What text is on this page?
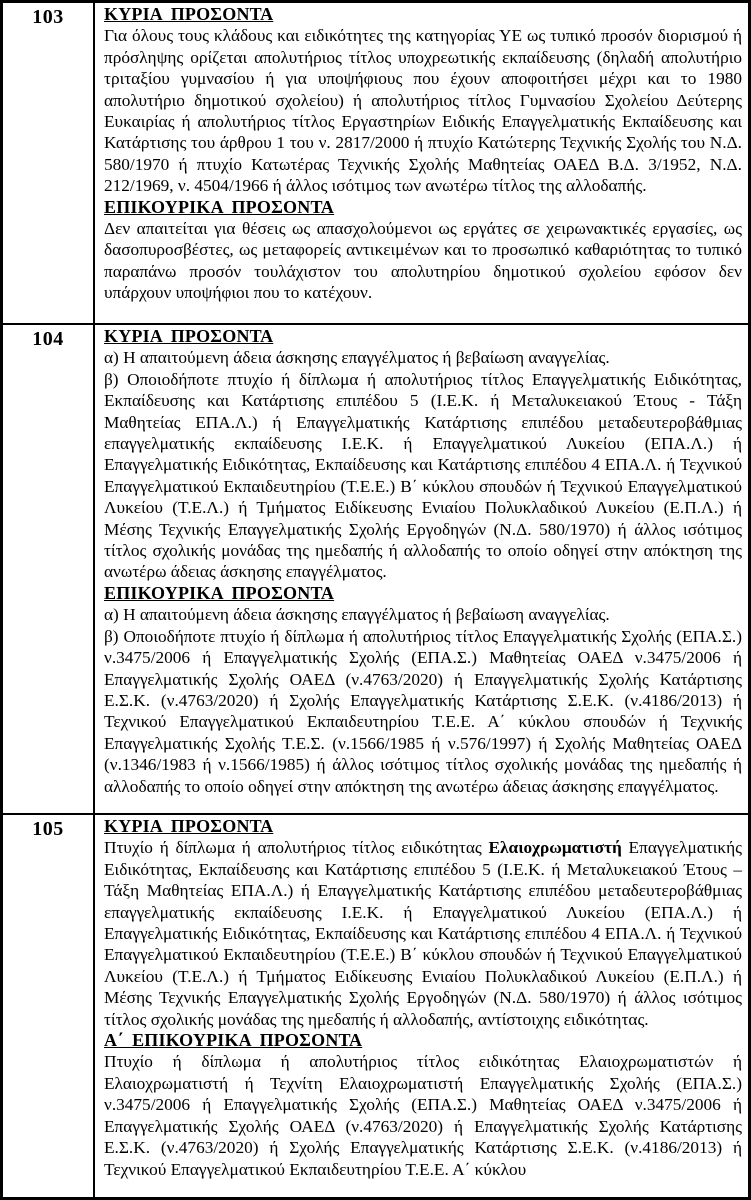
103	ΚΥΡΙΑ ΠΡΟΣΟΝΤΑ

Για όλους τους κλάδους και ειδικότητες της κατηγορίας ΥΕ ως τυπικό προσόν διορισμού ή πρόσληψης ορίζεται απολυτήριος τίτλος υποχρεωτικής εκπαίδευσης (δηλαδή απολυτήριο τριταξίου γυμνασίου ή για υποψήφιους που έχουν αποφοιτήσει μέχρι και το 1980 απολυτήριο δημοτικού σχολείου) ή απολυτήριος τίτλος Γυμνασίου Σχολείου Δεύτερης Ευκαιρίας ή απολυτήριος τίτλος Εργαστηρίων Ειδικής Επαγγελματικής Εκπαίδευσης και Κατάρτισης του άρθρου 1 του ν. 2817/2000 ή πτυχίο Κατώτερης Τεχνικής Σχολής του Ν.Δ. 580/1970 ή πτυχίο Κατωτέρας Τεχνικής Σχολής Μαθητείας ΟΑΕΔ Β.Δ. 3/1952, Ν.Δ. 212/1969, ν. 4504/1966 ή άλλος ισότιμος των ανωτέρω τίτλος της αλλοδαπής.

ΕΠΙΚΟΥΡΙΚΑ ΠΡΟΣΟΝΤΑ

Δεν απαιτείται για θέσεις ως απασχολούμενοι ως εργάτες σε χειρωνακτικές εργασίες, ως δασοπυροσβέστες, ως μεταφορείς αντικειμένων και το προσωπικό καθαριότητας το τυπικό παραπάνω προσόν τουλάχιστον του απολυτηρίου δημοτικού σχολείου εφόσον δεν υπάρχουν υποψήφιοι που το κατέχουν.

104	ΚΥΡΙΑ ΠΡΟΣΟΝΤΑ

α) Η απαιτούμενη άδεια άσκησης επαγγέλματος ή βεβαίωση αναγγελίας.

β) Οποιοδήποτε πτυχίο ή δίπλωμα ή απολυτήριος τίτλος Επαγγελματικής Ειδικότητας, Εκπαίδευσης και Κατάρτισης επιπέδου 5 (Ι.Ε.Κ. ή Μεταλυκειακού Έτους - Τάξη Μαθητείας ΕΠΑ.Λ.) ή Επαγγελματικής Κατάρτισης επιπέδου μεταδευτεροβάθμιας επαγγελματικής εκπαίδευσης Ι.Ε.Κ. ή Επαγγελματικού Λυκείου (ΕΠΑ.Λ.) ή Επαγγελματικής Ειδικότητας, Εκπαίδευσης και Κατάρτισης επιπέδου 4 ΕΠΑ.Λ. ή Τεχνικού Επαγγελματικού Εκπαιδευτηρίου (Τ.Ε.Ε.) Β΄ κύκλου σπουδών ή Τεχνικού Επαγγελματικού Λυκείου (Τ.Ε.Λ.) ή Τμήματος Ειδίκευσης Ενιαίου Πολυκλαδικού Λυκείου (Ε.Π.Λ.) ή Μέσης Τεχνικής Επαγγελματικής Σχολής Εργοδηγών (Ν.Δ. 580/1970) ή άλλος ισότιμος τίτλος σχολικής μονάδας της ημεδαπής ή αλλοδαπής το οποίο οδηγεί στην απόκτηση της ανωτέρω άδειας άσκησης επαγγέλματος.

ΕΠΙΚΟΥΡΙΚΑ ΠΡΟΣΟΝΤΑ

α) Η απαιτούμενη άδεια άσκησης επαγγέλματος ή βεβαίωση αναγγελίας.

β) Οποιοδήποτε πτυχίο ή δίπλωμα ή απολυτήριος τίτλος Επαγγελματικής Σχολής (ΕΠΑ.Σ.) ν.3475/2006 ή Επαγγελματικής Σχολής (ΕΠΑ.Σ.) Μαθητείας ΟΑΕΔ ν.3475/2006 ή Επαγγελματικής Σχολής ΟΑΕΔ (ν.4763/2020) ή Επαγγελματικής Σχολής Κατάρτισης Ε.Σ.Κ. (ν.4763/2020) ή Σχολής Επαγγελματικής Κατάρτισης Σ.Ε.Κ. (ν.4186/2013) ή Τεχνικού Επαγγελματικού Εκπαιδευτηρίου Τ.Ε.Ε. Α΄ κύκλου σπουδών ή Τεχνικής Επαγγελματικής Σχολής Τ.Ε.Σ. (ν.1566/1985 ή ν.576/1997) ή Σχολής Μαθητείας ΟΑΕΔ (ν.1346/1983 ή ν.1566/1985) ή άλλος ισότιμος τίτλος σχολικής μονάδας της ημεδαπής ή αλλοδαπής το οποίο οδηγεί στην απόκτηση της ανωτέρω άδειας άσκησης επαγγέλματος.

105	ΚΥΡΙΑ ΠΡΟΣΟΝΤΑ

Πτυχίο ή δίπλωμα ή απολυτήριος τίτλος ειδικότητας Ελαιοχρωματιστή Επαγγελματικής Ειδικότητας, Εκπαίδευσης και Κατάρτισης επιπέδου 5 (Ι.Ε.Κ. ή Μεταλυκειακού Έτους – Τάξη Μαθητείας ΕΠΑ.Λ.) ή Επαγγελματικής Κατάρτισης επιπέδου μεταδευτεροβάθμιας επαγγελματικής εκπαίδευσης Ι.Ε.Κ. ή Επαγγελματικού Λυκείου (ΕΠΑ.Λ.) ή Επαγγελματικής Ειδικότητας, Εκπαίδευσης και Κατάρτισης επιπέδου 4 ΕΠΑ.Λ. ή Τεχνικού Επαγγελματικού Εκπαιδευτηρίου (Τ.Ε.Ε.) Β΄ κύκλου σπουδών ή Τεχνικού Επαγγελματικού Λυκείου (Τ.Ε.Λ.) ή Τμήματος Ειδίκευσης Ενιαίου Πολυκλαδικού Λυκείου (Ε.Π.Λ.) ή Μέσης Τεχνικής Επαγγελματικής Σχολής Εργοδηγών (Ν.Δ. 580/1970) ή άλλος ισότιμος τίτλος σχολικής μονάδας της ημεδαπής ή αλλοδαπής, αντίστοιχης ειδικότητας.

Α΄ ΕΠΙΚΟΥΡΙΚΑ ΠΡΟΣΟΝΤΑ

Πτυχίο ή δίπλωμα ή απολυτήριος τίτλος ειδικότητας Ελαιοχρωματιστών ή Ελαιοχρωματιστή ή Τεχνίτη Ελαιοχρωματιστή Επαγγελματικής Σχολής (ΕΠΑ.Σ.) ν.3475/2006 ή Επαγγελματικής Σχολής (ΕΠΑ.Σ.) Μαθητείας ΟΑΕΔ ν.3475/2006 ή Επαγγελματικής Σχολής ΟΑΕΔ (ν.4763/2020) ή Επαγγελματικής Σχολής Κατάρτισης Ε.Σ.Κ. (ν.4763/2020) ή Σχολής Επαγγελματικής Κατάρτισης Σ.Ε.Κ. (ν.4186/2013) ή Τεχνικού Επαγγελματικού Εκπαιδευτηρίου Τ.Ε.Ε. Α΄ κύκλου
